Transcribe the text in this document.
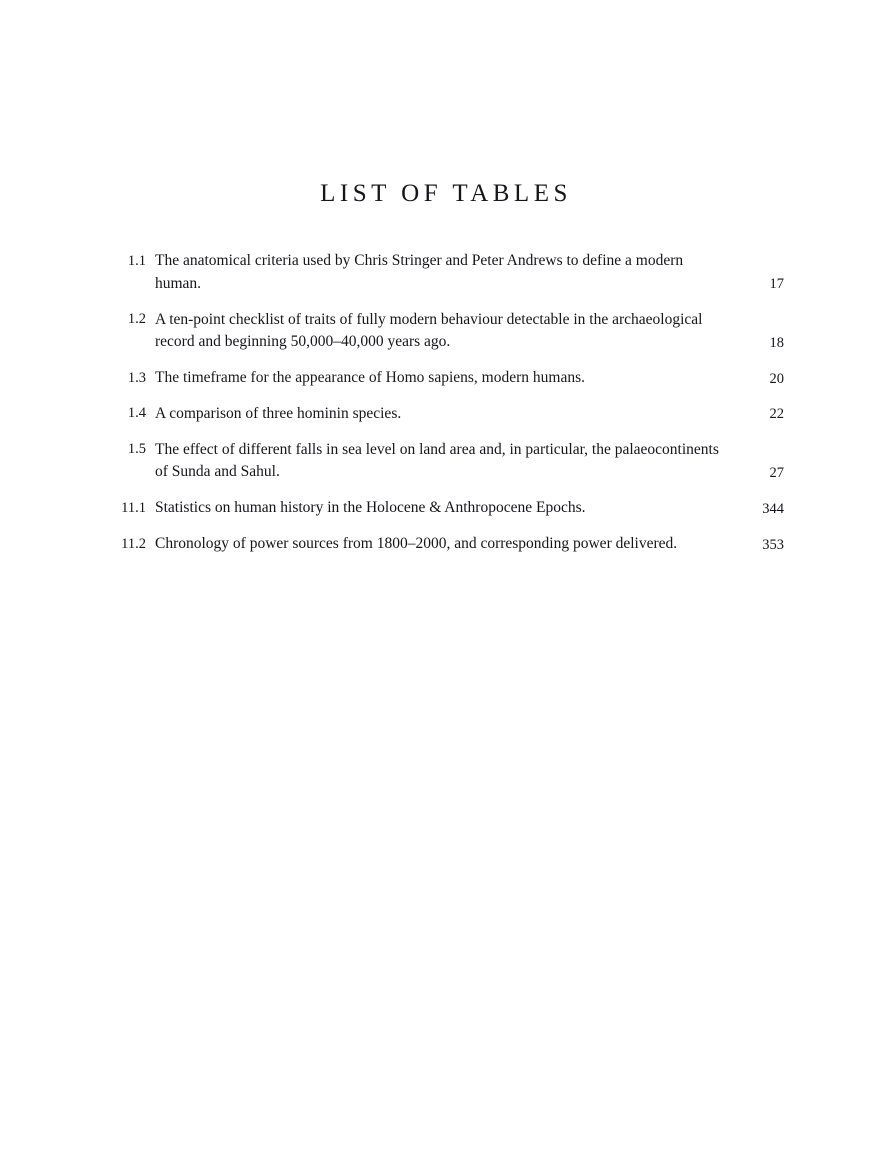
LIST OF TABLES
1.1 The anatomical criteria used by Chris Stringer and Peter Andrews to define a modern human.	17
1.2 A ten-point checklist of traits of fully modern behaviour detectable in the archaeological record and beginning 50,000–40,000 years ago.	18
1.3 The timeframe for the appearance of Homo sapiens, modern humans.	20
1.4 A comparison of three hominin species.	22
1.5 The effect of different falls in sea level on land area and, in particular, the palaeocontinents of Sunda and Sahul.	27
11.1 Statistics on human history in the Holocene & Anthropocene Epochs.	344
11.2 Chronology of power sources from 1800–2000, and corresponding power delivered.	353
